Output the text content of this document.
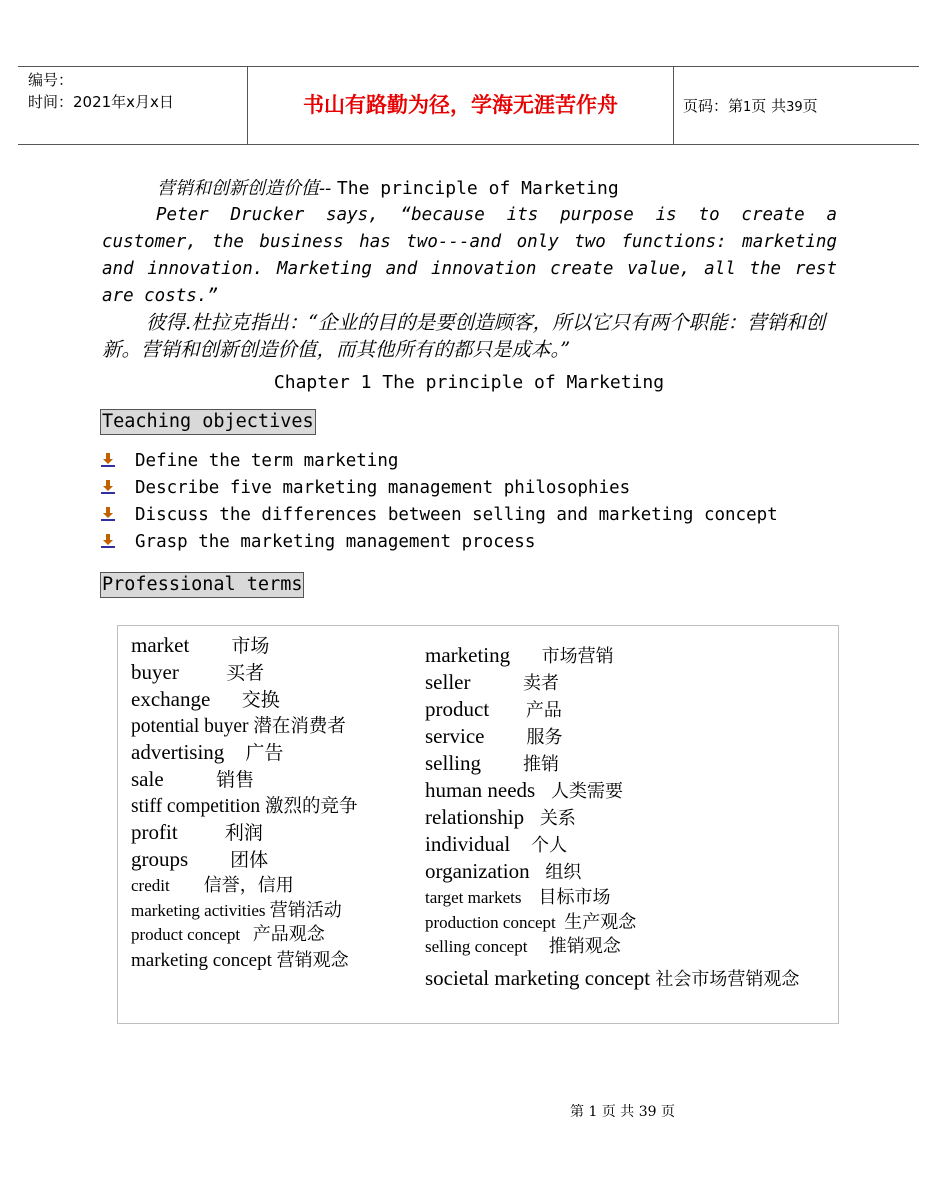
编号：
时间：2021年x月x日	书山有路勤为径，学海无涯苦作舟	页码：第1页 共39页
营销和创新创造价值-- The principle of Marketing
Peter Drucker says, “because its purpose is to create a customer, the business has two---and only two functions: marketing and innovation. Marketing and innovation create value, all the rest are costs.”
彼得.杜拉克指出：“企业的目的是要创造顾客，所以它只有两个职能：营销和创新。营销和创新创造价值，而其他所有的都只是成本。”
Chapter 1 The principle of Marketing
Teaching objectives
Define the term marketing
Describe five marketing management philosophies
Discuss the differences between selling and marketing concept
Grasp the marketing management process
Professional terms
market 市场
buyer 买者
exchange 交换
potential buyer 潜在消费者
advertising 广告
sale	销售
stiff competition 激烈的竞争
profit 利润
groups 团体
credit 信誉，信用
marketing activities 营销活动
product concept 产品观念
marketing concept 营销观念
marketing 市场营销
seller	卖者
product 产品
service 服务
selling 推销
human needs 人类需要
relationship 关系
individual 个人
organization 组织
target markets 目标市场
production concept 生产观念
selling concept 推销观念
societal marketing concept 社会市场营销观念
第 1 页 共 39 页
